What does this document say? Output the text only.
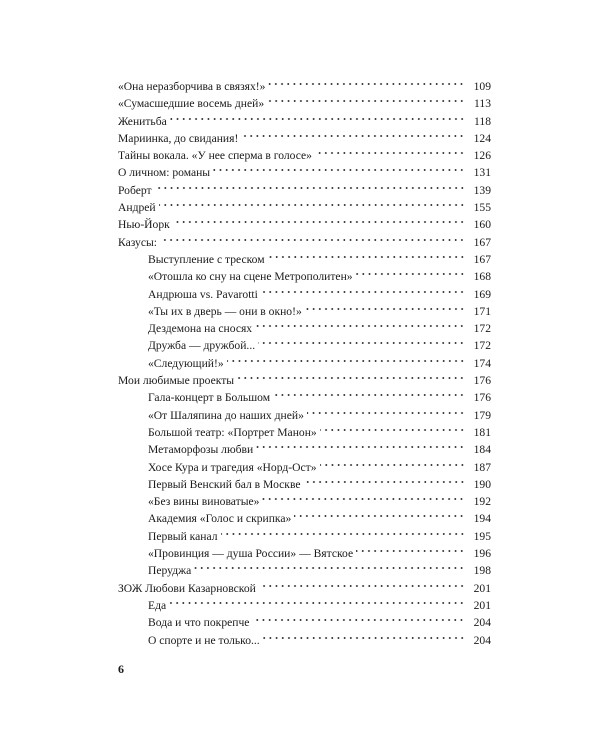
«Она неразборчива в связях!»	109
«Сумасшедшие восемь дней»	113
Женитьба	118
Мариинка, до свидания!	124
Тайны вокала. «У нее сперма в голосе»	126
О личном: романы	131
Роберт	139
Андрей	155
Нью-Йорк	160
Казусы:	167
Выступление с треском	167
«Отошла ко сну на сцене Метрополитен»	168
Андрюша vs. Pavarotti	169
«Ты их в дверь — они в окно!»	171
Дездемона на сносях	172
Дружба — дружбой...	172
«Следующий!»	174
Мои любимые проекты	176
Гала-концерт в Большом	176
«От Шаляпина до наших дней»	179
Большой театр: «Портрет Манон»	181
Метаморфозы любви	184
Хосе Кура и трагедия «Норд-Ост»	187
Первый Венский бал в Москве	190
«Без вины виноватые»	192
Академия «Голос и скрипка»	194
Первый канал	195
«Провинция — душа России» — Вятское	196
Перуджа	198
ЗОЖ Любови Казарновской	201
Еда	201
Вода и что покрепче	204
О спорте и не только...	204
6
